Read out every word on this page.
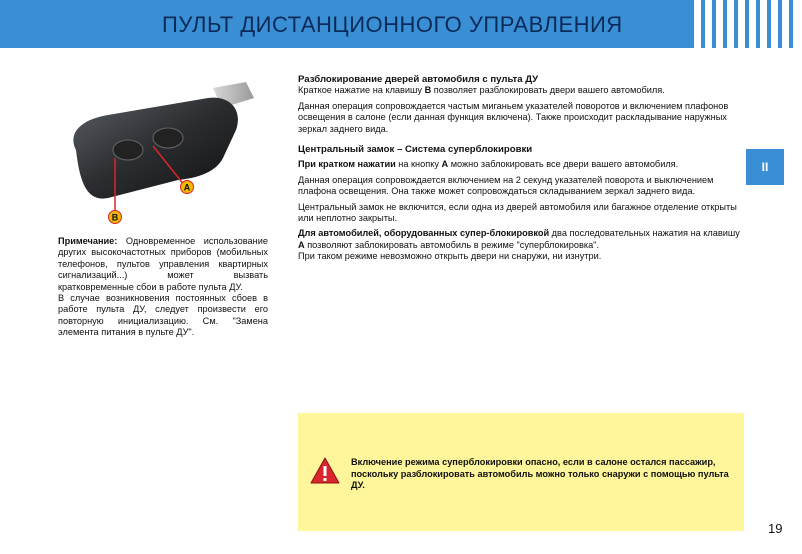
ПУЛЬТ ДИСТАНЦИОННОГО УПРАВЛЕНИЯ
A
B

Примечание: Одновременное использование других высокочастотных приборов (мобильных телефонов, пультов управления квартирных сигнализаций...) может вызвать кратковременные сбои в работе пульта ДУ.

В случае возникновения постоянных сбоев в работе пульта ДУ, следует произвести его повторную инициализацию. См. "Замена элемента питания в пульте ДУ".

Разблокирование дверей автомобиля с пульта ДУ

Краткое нажатие на клавишу B позволяет разблокировать двери вашего автомобиля.

Данная операция сопровождается частым миганьем указателей поворотов и включением плафонов освещения в салоне (если данная функция включена). Также происходит раскладывание наружных зеркал заднего вида.

Центральный замок – Система суперблокировки

При кратком нажатии на кнопку A можно заблокировать все двери вашего автомобиля.

Данная операция сопровождается включением на 2 секунд указателей поворота и выключением плафона освещения. Она также может сопровождаться складыванием зеркал заднего вида.

Центральный замок не включится, если одна из дверей автомобиля или багажное отделение открыты или неплотно закрыты.

Для автомобилей, оборудованных супер-блокировкой два последовательных нажатия на клавишу A позволяют заблокировать автомобиль в режиме "суперблокировка".

При таком режиме невозможно открыть двери ни снаружи, ни изнутри.

II
Включение режима суперблокировки опасно, если в салоне остался пассажир, поскольку разблокировать автомобиль можно только снаружи с помощью пульта ДУ.
19
